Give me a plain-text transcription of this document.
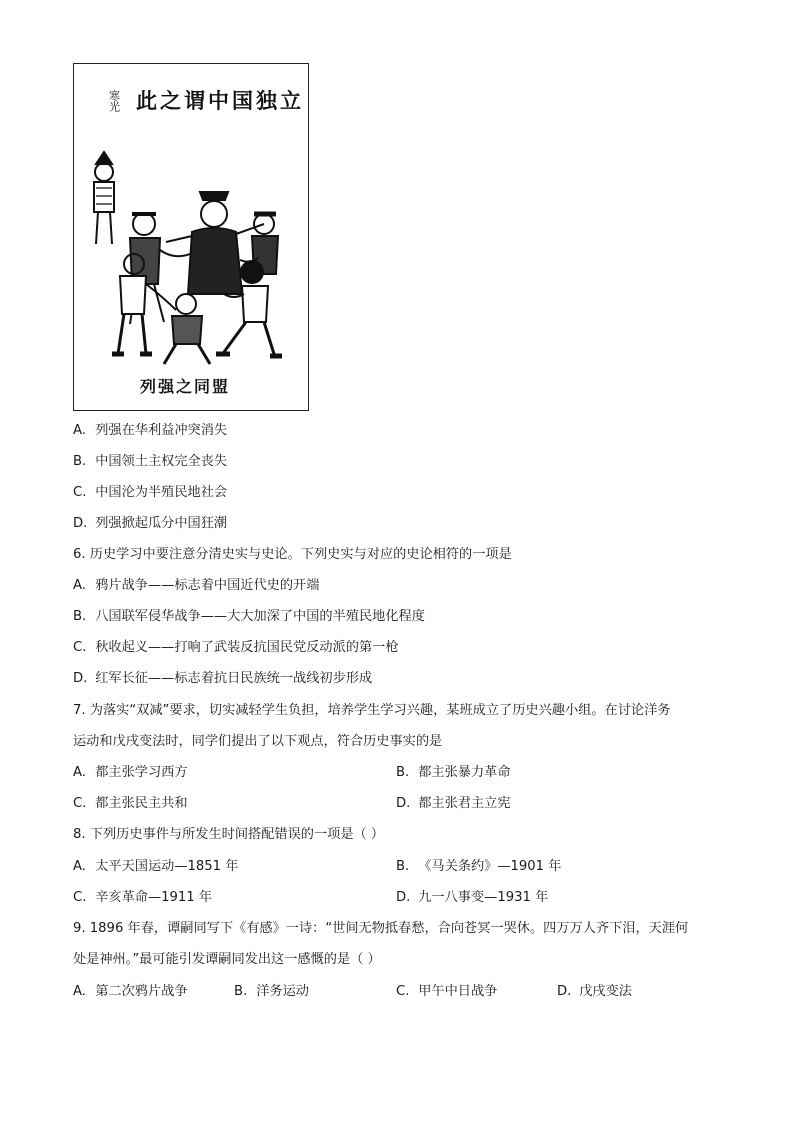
此之谓中国独立
寒光
列强之同盟
A. 列强在华利益冲突消失
B. 中国领土主权完全丧失
C. 中国沦为半殖民地社会
D. 列强掀起瓜分中国狂潮
6. 历史学习中要注意分清史实与史论。下列史实与对应的史论相符的一项是
A. 鸦片战争——标志着中国近代史的开端
B. 八国联军侵华战争——大大加深了中国的半殖民地化程度
C. 秋收起义——打响了武装反抗国民党反动派的第一枪
D. 红军长征——标志着抗日民族统一战线初步形成
7. 为落实“双减”要求，切实减轻学生负担，培养学生学习兴趣，某班成立了历史兴趣小组。在讨论洋务
运动和戊戌变法时，同学们提出了以下观点，符合历史事实的是
A. 都主张学习西方	B. 都主张暴力革命
C. 都主张民主共和	D. 都主张君主立宪
8. 下列历史事件与所发生时间搭配错误的一项是（ ）
A. 太平天国运动—1851 年	B. 《马关条约》—1901 年
C. 辛亥革命—1911 年	D. 九一八事变—1931 年
9. 1896 年春，谭嗣同写下《有感》一诗：“世间无物抵春愁，合向苍冥一哭休。四万万人齐下泪，天涯何
处是神州。”最可能引发谭嗣同发出这一感慨的是（ ）
A. 第二次鸦片战争	B. 洋务运动	C. 甲午中日战争	D. 戊戌变法
